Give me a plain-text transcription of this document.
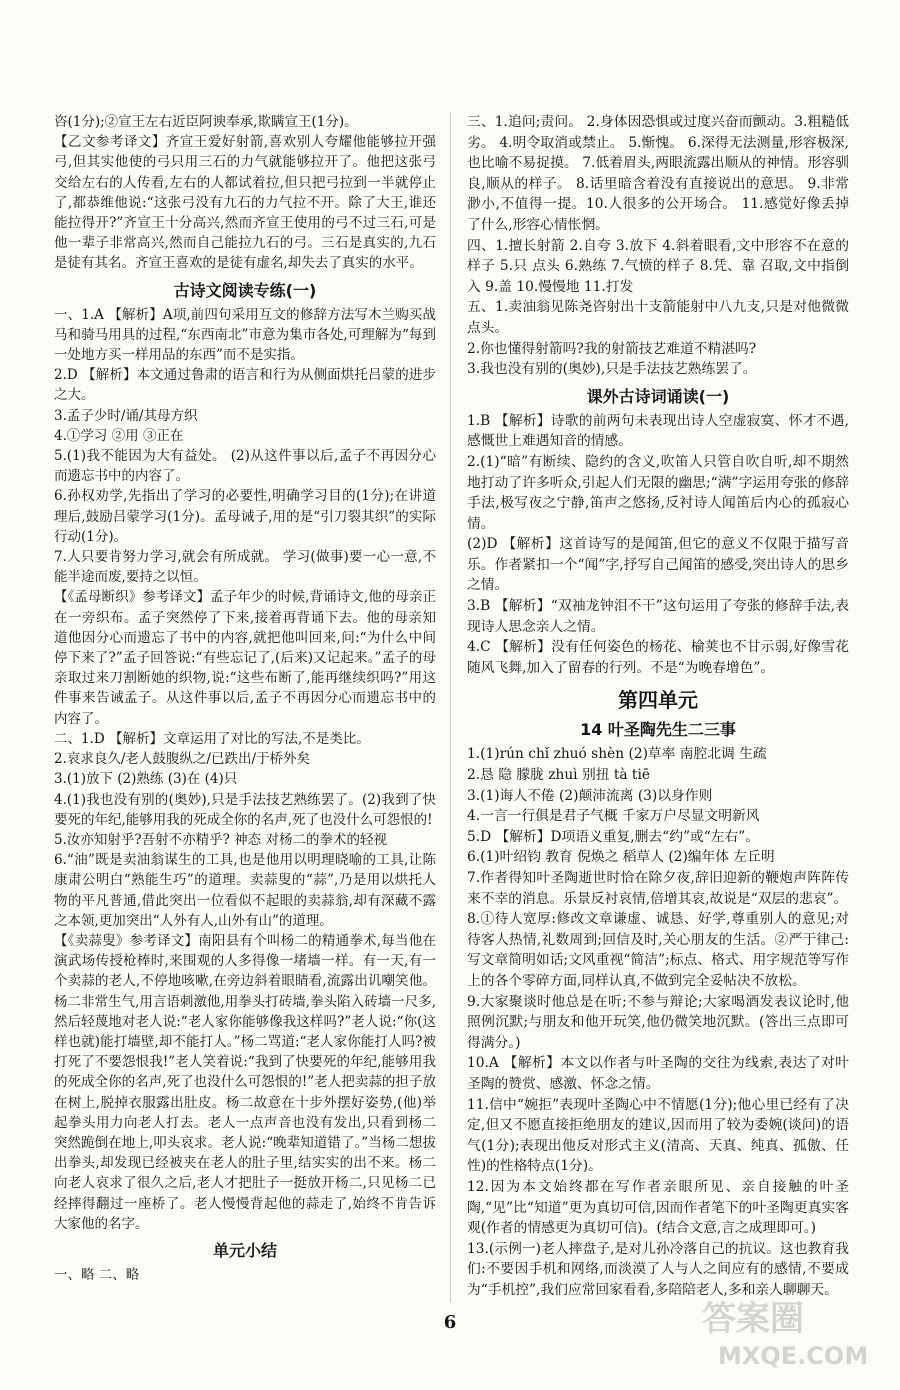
咨(1分);②宣王左右近臣阿谀奉承,欺瞒宣王(1分)。

【乙文参考译文】齐宣王爱好射箭,喜欢别人夸耀他能够拉开强弓,但其实他使的弓只用三石的力气就能够拉开了。他把这张弓交给左右的人传看,左右的人都试着拉,但只把弓拉到一半就停止了,都恭维他说:“这张弓没有九石的力气拉不开。除了大王,谁还能拉得开?”齐宣王十分高兴,然而齐宣王使用的弓不过三石,可是他一辈子非常高兴,然而自己能拉九石的弓。三石是真实的,九石是徒有其名。齐宣王喜欢的是徒有虚名,却失去了真实的水平。

古诗文阅读专练(一)

一、1.A 【解析】A项,前四句采用互文的修辞方法写木兰购买战马和骑马用具的过程,“东西南北”市意为集市各处,可理解为“每到一处地方买一样用品的东西”而不是实指。

2.D 【解析】本文通过鲁肃的语言和行为从侧面烘托吕蒙的进步之大。

3.孟子少时/诵/其母方织

4.①学习 ②用 ③正在

5.(1)我不能因为大有益处。 (2)从这件事以后,孟子不再因分心而遗忘书中的内容了。

6.孙权劝学,先指出了学习的必要性,明确学习目的(1分);在讲道理后,鼓励吕蒙学习(1分)。孟母诫子,用的是“引刀裂其织”的实际行动(1分)。

7.人只要肯努力学习,就会有所成就。 学习(做事)要一心一意,不能半途而废,要持之以恒。

【《孟母断织》参考译文】孟子年少的时候,背诵诗文,他的母亲正在一旁织布。孟子突然停了下来,接着再背诵下去。他的母亲知道他因分心而遗忘了书中的内容,就把他叫回来,问:“为什么中间停下来了?”孟子回答说:“有些忘记了,(后来)又记起来。”孟子的母亲取过来刀割断她的织物,说:“这些布断了,能再继续织吗?”用这件事来告诫孟子。从这件事以后,孟子不再因分心而遗忘书中的内容了。

二、1.D 【解析】文章运用了对比的写法,不是类比。

2.哀求良久/老人鼓腹纵之/已跌出/于桥外矣

3.(1)放下 (2)熟练 (3)在 (4)只

4.(1)我也没有别的(奥妙),只是手法技艺熟练罢了。(2)我到了快要死的年纪,能够用我的死成全你的名声,死了也没什么可怨恨的!

5.汝亦知射乎?吾射不亦精乎? 神态 对杨二的拳术的轻视

6.“油”既是卖油翁谋生的工具,也是他用以明理晓喻的工具,让陈康肃公明白“熟能生巧”的道理。卖蒜叟的“蒜”,乃是用以烘托人物的平凡普通,借此突出一位看似不起眼的卖蒜翁,却有深藏不露之本领,更加突出“人外有人,山外有山”的道理。

【《卖蒜叟》参考译文】南阳县有个叫杨二的精通拳术,每当他在演武场传授枪棒时,来围观的人多得像一堵墙一样。有一天,有一个卖蒜的老人,不停地咳嗽,在旁边斜着眼睛看,流露出讥嘲笑他。杨二非常生气,用言语刺激他,用拳头打砖墙,拳头陷入砖墙一尺多,然后轻蔑地对老人说:“老人家你能够像我这样吗?”老人说:“你(这样也就)能打墙壁,却不能打人。”杨二骂道:“老人家你能打人吗?被打死了不要怨恨我!”老人笑着说:“我到了快要死的年纪,能够用我的死成全你的名声,死了也没什么可怨恨的!”老人把卖蒜的担子放在树上,脱掉衣服露出肚皮。杨二故意在十步外摆好姿势,(他)举起拳头用力向老人打去。老人一点声音也没有发出,只看到杨二突然跪倒在地上,叩头哀求。老人说:“晚辈知道错了。”当杨二想拔出拳头,却发现已经被夹在老人的肚子里,结实实的出不来。杨二向老人哀求了很久之后,老人才把肚子一挺放开杨二,只见杨二已经摔得翻过一座桥了。老人慢慢背起他的蒜走了,始终不肯告诉大家他的名字。

单元小结

一、略 二、略

三、1.追问;责问。 2.身体因恐惧或过度兴奋而颤动。3.粗糙低劣。 4.明令取消或禁止。 5.惭愧。 6.深得无法测量,形容极深,也比喻不易捉摸。 7.低着眉头,两眼流露出顺从的神情。形容驯良,顺从的样子。 8.话里暗含着没有直接说出的意思。 9.非常渺小,不值得一提。10.人很多的公开场合。 11.感觉好像丢掉了什么,形容心情怅惘。

四、1.擅长射箭 2.自夸 3.放下 4.斜着眼看,文中形容不在意的样子 5.只 点头 6.熟练 7.气愤的样子 8.凭、靠 召取,文中指倒入 9.盖 10.慢慢地 11.打发

五、1.卖油翁见陈尧咨射出十支箭能射中八九支,只是对他微微点头。

2.你也懂得射箭吗?我的射箭技艺难道不精湛吗?

3.我也没有别的(奥妙),只是手法技艺熟练罢了。

课外古诗词诵读(一)

1.B 【解析】诗歌的前两句未表现出诗人空虚寂寞、怀才不遇,感慨世上难遇知音的情感。

2.(1)“暗”有断续、隐约的含义,吹笛人只管自吹自听,却不期然地打动了许多听众,引起人们无限的幽思;“满”字运用夸张的修辞手法,极写夜之宁静,笛声之悠扬,反衬诗人闻笛后内心的孤寂心情。

(2)D 【解析】这首诗写的是闻笛,但它的意义不仅限于描写音乐。作者紧扣一个“闻”字,抒写自己闻笛的感受,突出诗人的思乡之情。

3.B 【解析】“双袖龙钟泪不干”这句运用了夸张的修辞手法,表现诗人思念亲人之情。

4.C 【解析】没有任何姿色的杨花、榆荚也不甘示弱,好像雪花随风飞舞,加入了留春的行列。不是“为晚春增色”。

第四单元
14 叶圣陶先生二三事

1.(1)rún chǐ zhuó shèn (2)草率 南腔北调 生疏

2.恳 隐 朦胧 zhuì 别扭 tà tiē

3.(1)诲人不倦 (2)颠沛流离 (3)以身作则

4.一言一行俱是君子气概 千家万户尽显文明新风

5.D 【解析】D项语义重复,删去“约”或“左右”。

6.(1)叶绍钧 教育 倪焕之 稻草人 (2)编年体 左丘明

7.作者得知叶圣陶逝世时恰在除夕夜,辞旧迎新的鞭炮声阵阵传来不幸的消息。乐景反衬哀情,倍增其哀,故说是“双层的悲哀”。

8.①待人宽厚:修改文章谦虚、诚恳、好学,尊重别人的意见;对待客人热情,礼数周到;回信及时,关心朋友的生活。②严于律己:写文章简明如话;文风重视“简洁”;标点、格式、用字规范等写作上的各个零碎方面,同样认真,不做到完全妥帖决不放松。

9.大家聚谈时他总是在听;不参与辩论;大家喝酒发表议论时,他照例沉默;与朋友和他开玩笑,他仍微笑地沉默。(答出三点即可得满分。)

10.A 【解析】本文以作者与叶圣陶的交往为线索,表达了对叶圣陶的赞赏、感激、怀念之情。

11.信中“婉拒”表现叶圣陶心中不情愿(1分);他心里已经有了决定,但又不愿直接拒绝朋友的建议,因而用了较为委婉(谈问)的语气(1分);表现出他反对形式主义(清高、天真、纯真、孤傲、任性)的性格特点(1分)。

12.因为本文始终都在写作者亲眼所见、亲自接触的叶圣陶,“见”比“知道”更为真切可信,因而作者笔下的叶圣陶更真实客观(作者的情感更为真切可信)。(结合文意,言之成理即可。)

13.(示例一)老人摔盘子,是对儿孙冷落自己的抗议。这也教育我们:不要因手机和网络,而淡漠了人与人之间应有的感情,不要成为“手机控”,我们应常回家看看,多陪陪老人,多和亲人聊聊天。

6	答案圈
MXQE.COM
